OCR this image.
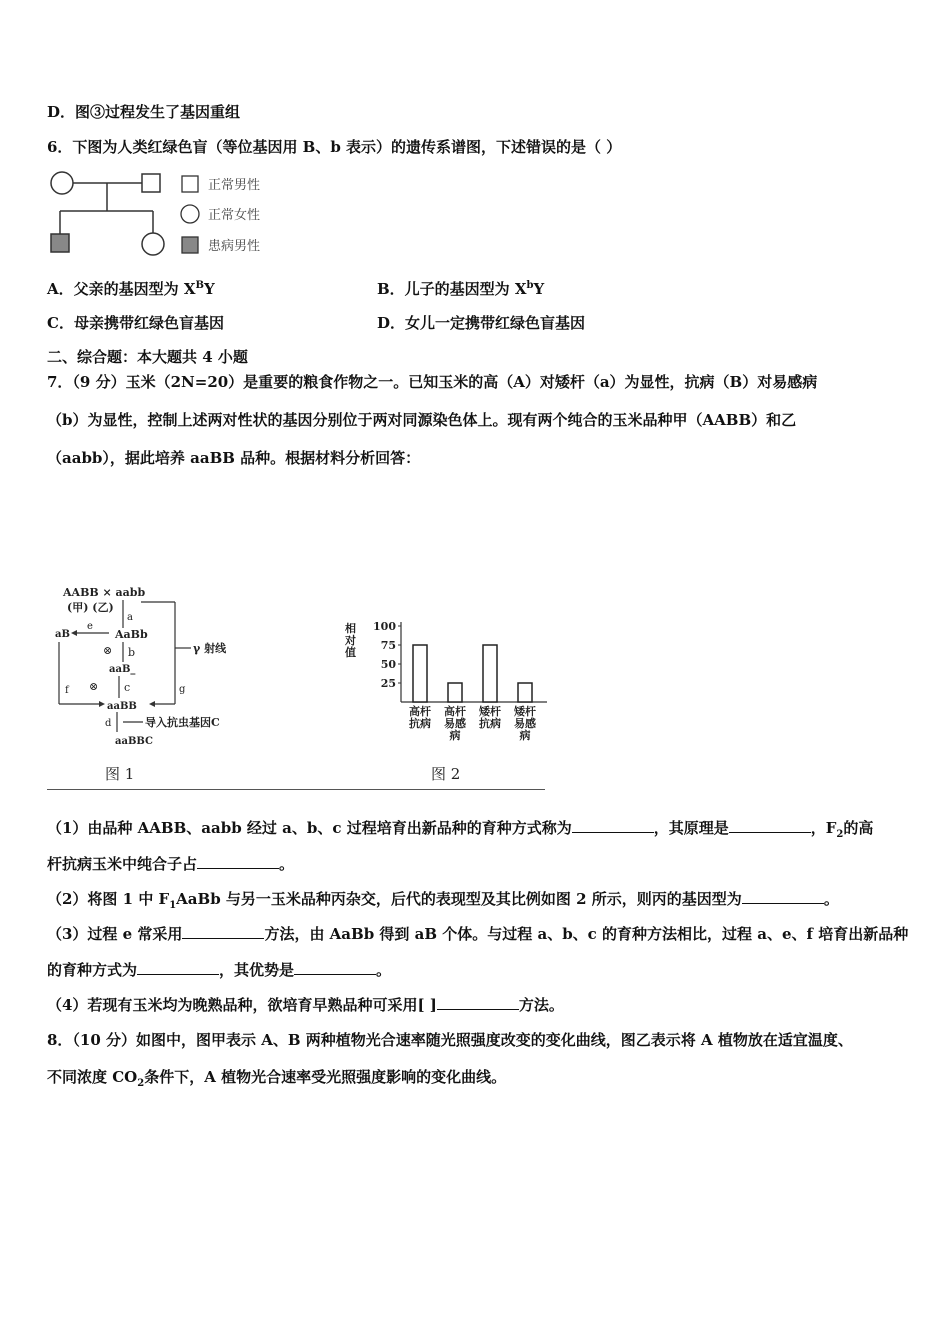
D．图③过程发生了基因重组
6．下图为人类红绿色盲（等位基因用 B、b 表示）的遗传系谱图，下述错误的是（ ）
正常男性
正常女性
患病男性
A．父亲的基因型为 $X^BY$	B．儿子的基因型为 $X^bY$
C．母亲携带红绿色盲基因	D．女儿一定携带红绿色盲基因
二、综合题：本大题共 4 小题
7．（9 分）玉米（2N=20）是重要的粮食作物之一。已知玉米的高（A）对矮杆（a）为显性，抗病（B）对易感病
（b）为显性，控制上述两对性状的基因分别位于两对同源染色体上。现有两个纯合的玉米品种甲（AABB）和乙
（aabb），据此培养 aaBB 品种。根据材料分析回答：
AABB × aabb
(甲) (乙)
a
AaBb
e
aB
⊗ b
aaB_
⊗ c
aaBB
f	g
γ 射线
d	导入抗虫基因C
aaBBC
图 1
相
对
值
25
50
75
100
高杆
抗病
高杆
易感
病
矮杆
抗病
矮杆
易感
病
图 2
（1）由品种 AABB、aabb 经过 a、b、c 过程培育出新品种的育种方式称为	，其原理是	，$F_2$的高
杆抗病玉米中纯合子占	。
（2）将图 1 中 $F_1AaBb$ 与另一玉米品种丙杂交，后代的表现型及其比例如图 2 所示，则丙的基因型为	。
（3）过程 e 常采用	方法，由 AaBb 得到 aB 个体。与过程 a、b、c 的育种方法相比，过程 a、e、f 培育出新品种
的育种方式为	，其优势是	。
（4）若现有玉米均为晚熟品种，欲培育早熟品种可采用[ ]	方法。
8．（10 分）如图中，图甲表示 A、B 两种植物光合速率随光照强度改变的变化曲线，图乙表示将 A 植物放在适宜温度、
不同浓度 $CO_2$条件下，A 植物光合速率受光照强度影响的变化曲线。
